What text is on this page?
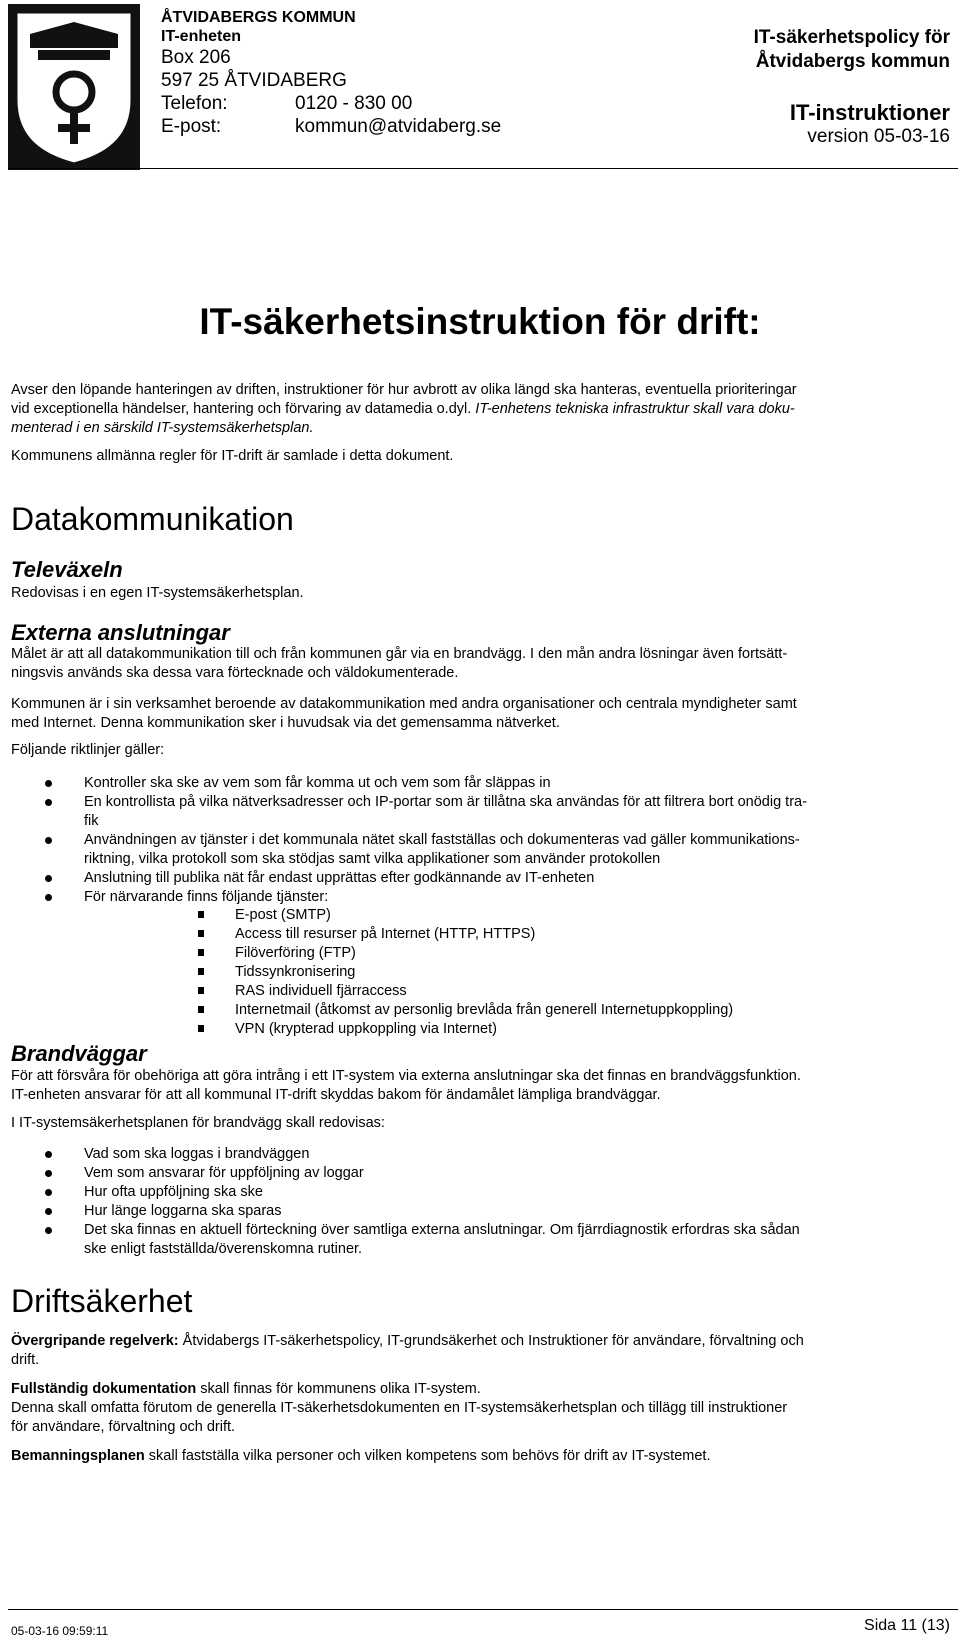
ÅTVIDABERGS KOMMUN
IT-enheten
Box 206
597 25 ÅTVIDABERG
Telefon:	0120 - 830 00
E-post:	kommun@atvidaberg.se
IT-säkerhetspolicy för
Åtvidabergs kommun
IT-instruktioner
version 05-03-16
IT-säkerhetsinstruktion för drift:
Avser den löpande hanteringen av driften, instruktioner för hur avbrott av olika längd ska hanteras, eventuella prioriteringar
vid exceptionella händelser, hantering och förvaring av datamedia o.dyl. IT-enhetens tekniska infrastruktur skall vara doku-
menterad i en särskild IT-systemsäkerhetsplan.
Kommunens allmänna regler för IT-drift är samlade i detta dokument.
Datakommunikation
Televäxeln
Redovisas i en egen IT-systemsäkerhetsplan.
Externa anslutningar
Målet är att all datakommunikation till och från kommunen går via en brandvägg. I den mån andra lösningar även fortsätt-
ningsvis används ska dessa vara förtecknade och väldokumenterade.
Kommunen är i sin verksamhet beroende av datakommunikation med andra organisationer och centrala myndigheter samt
med Internet. Denna kommunikation sker i huvudsak via det gemensamma nätverket.
Följande riktlinjer gäller:
Kontroller ska ske av vem som får komma ut och vem som får släppas in
En kontrollista på vilka nätverksadresser och IP-portar som är tillåtna ska användas för att filtrera bort onödig tra-
fik
Användningen av tjänster i det kommunala nätet skall fastställas och dokumenteras vad gäller kommunikations-
riktning, vilka protokoll som ska stödjas samt vilka applikationer som använder protokollen
Anslutning till publika nät får endast upprättas efter godkännande av IT-enheten
För närvarande finns följande tjänster:
E-post (SMTP)
Access till resurser på Internet (HTTP, HTTPS)
Filöverföring (FTP)
Tidssynkronisering
RAS individuell fjärraccess
Internetmail (åtkomst av personlig brevlåda från generell Internetuppkoppling)
VPN (krypterad uppkoppling via Internet)
Brandväggar
För att försvåra för obehöriga att göra intrång i ett IT-system via externa anslutningar ska det finnas en brandväggsfunktion.
IT-enheten ansvarar för att all kommunal IT-drift skyddas bakom för ändamålet lämpliga brandväggar.
I IT-systemsäkerhetsplanen för brandvägg skall redovisas:
Vad som ska loggas i brandväggen
Vem som ansvarar för uppföljning av loggar
Hur ofta uppföljning ska ske
Hur länge loggarna ska sparas
Det ska finnas en aktuell förteckning över samtliga externa anslutningar. Om fjärrdiagnostik erfordras ska sådan
ske enligt fastställda/överenskomna rutiner.
Driftsäkerhet
Övergripande regelverk: Åtvidabergs IT-säkerhetspolicy, IT-grundsäkerhet och Instruktioner för användare, förvaltning och
drift.
Fullständig dokumentation skall finnas för kommunens olika IT-system.
Denna skall omfatta förutom de generella IT-säkerhetsdokumenten en IT-systemsäkerhetsplan och tillägg till instruktioner
för användare, förvaltning och drift.
Bemanningsplanen skall fastställa vilka personer och vilken kompetens som behövs för drift av IT-systemet.
05-03-16 09:59:11	Sida 11 (13)
